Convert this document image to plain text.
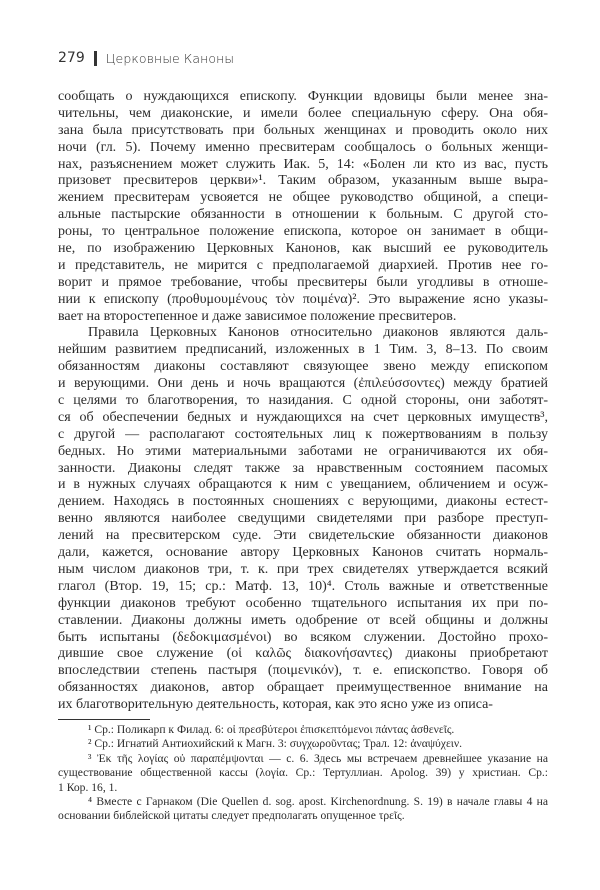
279 Церковные Каноны
сообщать о нуждающихся епископу. Функции вдовицы были менее зна-
чительны, чем диаконские, и имели более специальную сферу. Она обя-
зана была присутствовать при больных женщинах и проводить около них
ночи (гл. 5). Почему именно пресвитерам сообщалось о больных женщи-
нах, разъяснением может служить Иак. 5, 14: «Болен ли кто из вас, пусть
призовет пресвитеров церкви»¹. Таким образом, указанным выше выра-
жением пресвитерам усвояется не общее руководство общиной, а специ-
альные пастырские обязанности в отношении к больным. С другой сто-
роны, то центральное положение епископа, которое он занимает в общи-
не, по изображению Церковных Канонов, как высший ее руководитель
и представитель, не мирится с предполагаемой диархией. Против нее го-
ворит и прямое требование, чтобы пресвитеры были угодливы в отноше-
нии к епископу (προθυμουμένους τὸν ποιμένα)². Это выражение ясно указы-
вает на второстепенное и даже зависимое положение пресвитеров.
Правила Церковных Канонов относительно диаконов являются даль-
нейшим развитием предписаний, изложенных в 1 Тим. 3, 8–13. По своим
обязанностям диаконы составляют связующее звено между епископом
и верующими. Они день и ночь вращаются (ἐπιλεύσσοντες) между братией
с целями то благотворения, то назидания. С одной стороны, они заботят-
ся об обеспечении бедных и нуждающихся на счет церковных имуществ³,
с другой — располагают состоятельных лиц к пожертвованиям в пользу
бедных. Но этими материальными заботами не ограничиваются их обя-
занности. Диаконы следят также за нравственным состоянием пасомых
и в нужных случаях обращаются к ним с увещанием, обличением и осуж-
дением. Находясь в постоянных сношениях с верующими, диаконы естест-
венно являются наиболее сведущими свидетелями при разборе преступ-
лений на пресвитерском суде. Эти свидетельские обязанности диаконов
дали, кажется, основание автору Церковных Канонов считать нормаль-
ным числом диаконов три, т. к. при трех свидетелях утверждается всякий
глагол (Втор. 19, 15; ср.: Матф. 13, 10)⁴. Столь важные и ответственные
функции диаконов требуют особенно тщательного испытания их при по-
ставлении. Диаконы должны иметь одобрение от всей общины и должны
быть испытаны (δεδοκιμασμένοι) во всяком служении. Достойно прохо-
дившие свое служение (οἱ καλῶς διακονήσαντες) диаконы приобретают
впоследствии степень пастыря (ποιμενικόν), т. е. епископство. Говоря об
обязанностях диаконов, автор обращает преимущественное внимание на
их благотворительную деятельность, которая, как это ясно уже из описа-
¹ Ср.: Поликарп к Филад. 6: οἱ πρεσβύτεροι ἐπισκεπτόμενοι πάντας ἀσθενεῖς.
² Ср.: Игнатий Антиохийский к Магн. 3: συγχωροῦντας; Трал. 12: ἀναψύχειν.
³ Ἐκ τῆς λογίας οὐ παραπέμψονται — с. 6. Здесь мы встречаем древнейшее указание на
существование общественной кассы (λογία. Ср.: Тертуллиан. Apolog. 39) у христиан. Ср.:
1 Кор. 16, 1.
⁴ Вместе с Гарнаком (Die Quellen d. sog. apost. Kirchenordnung. S. 19) в начале главы 4 на
основании библейской цитаты следует предполагать опущенное τρεῖς.
